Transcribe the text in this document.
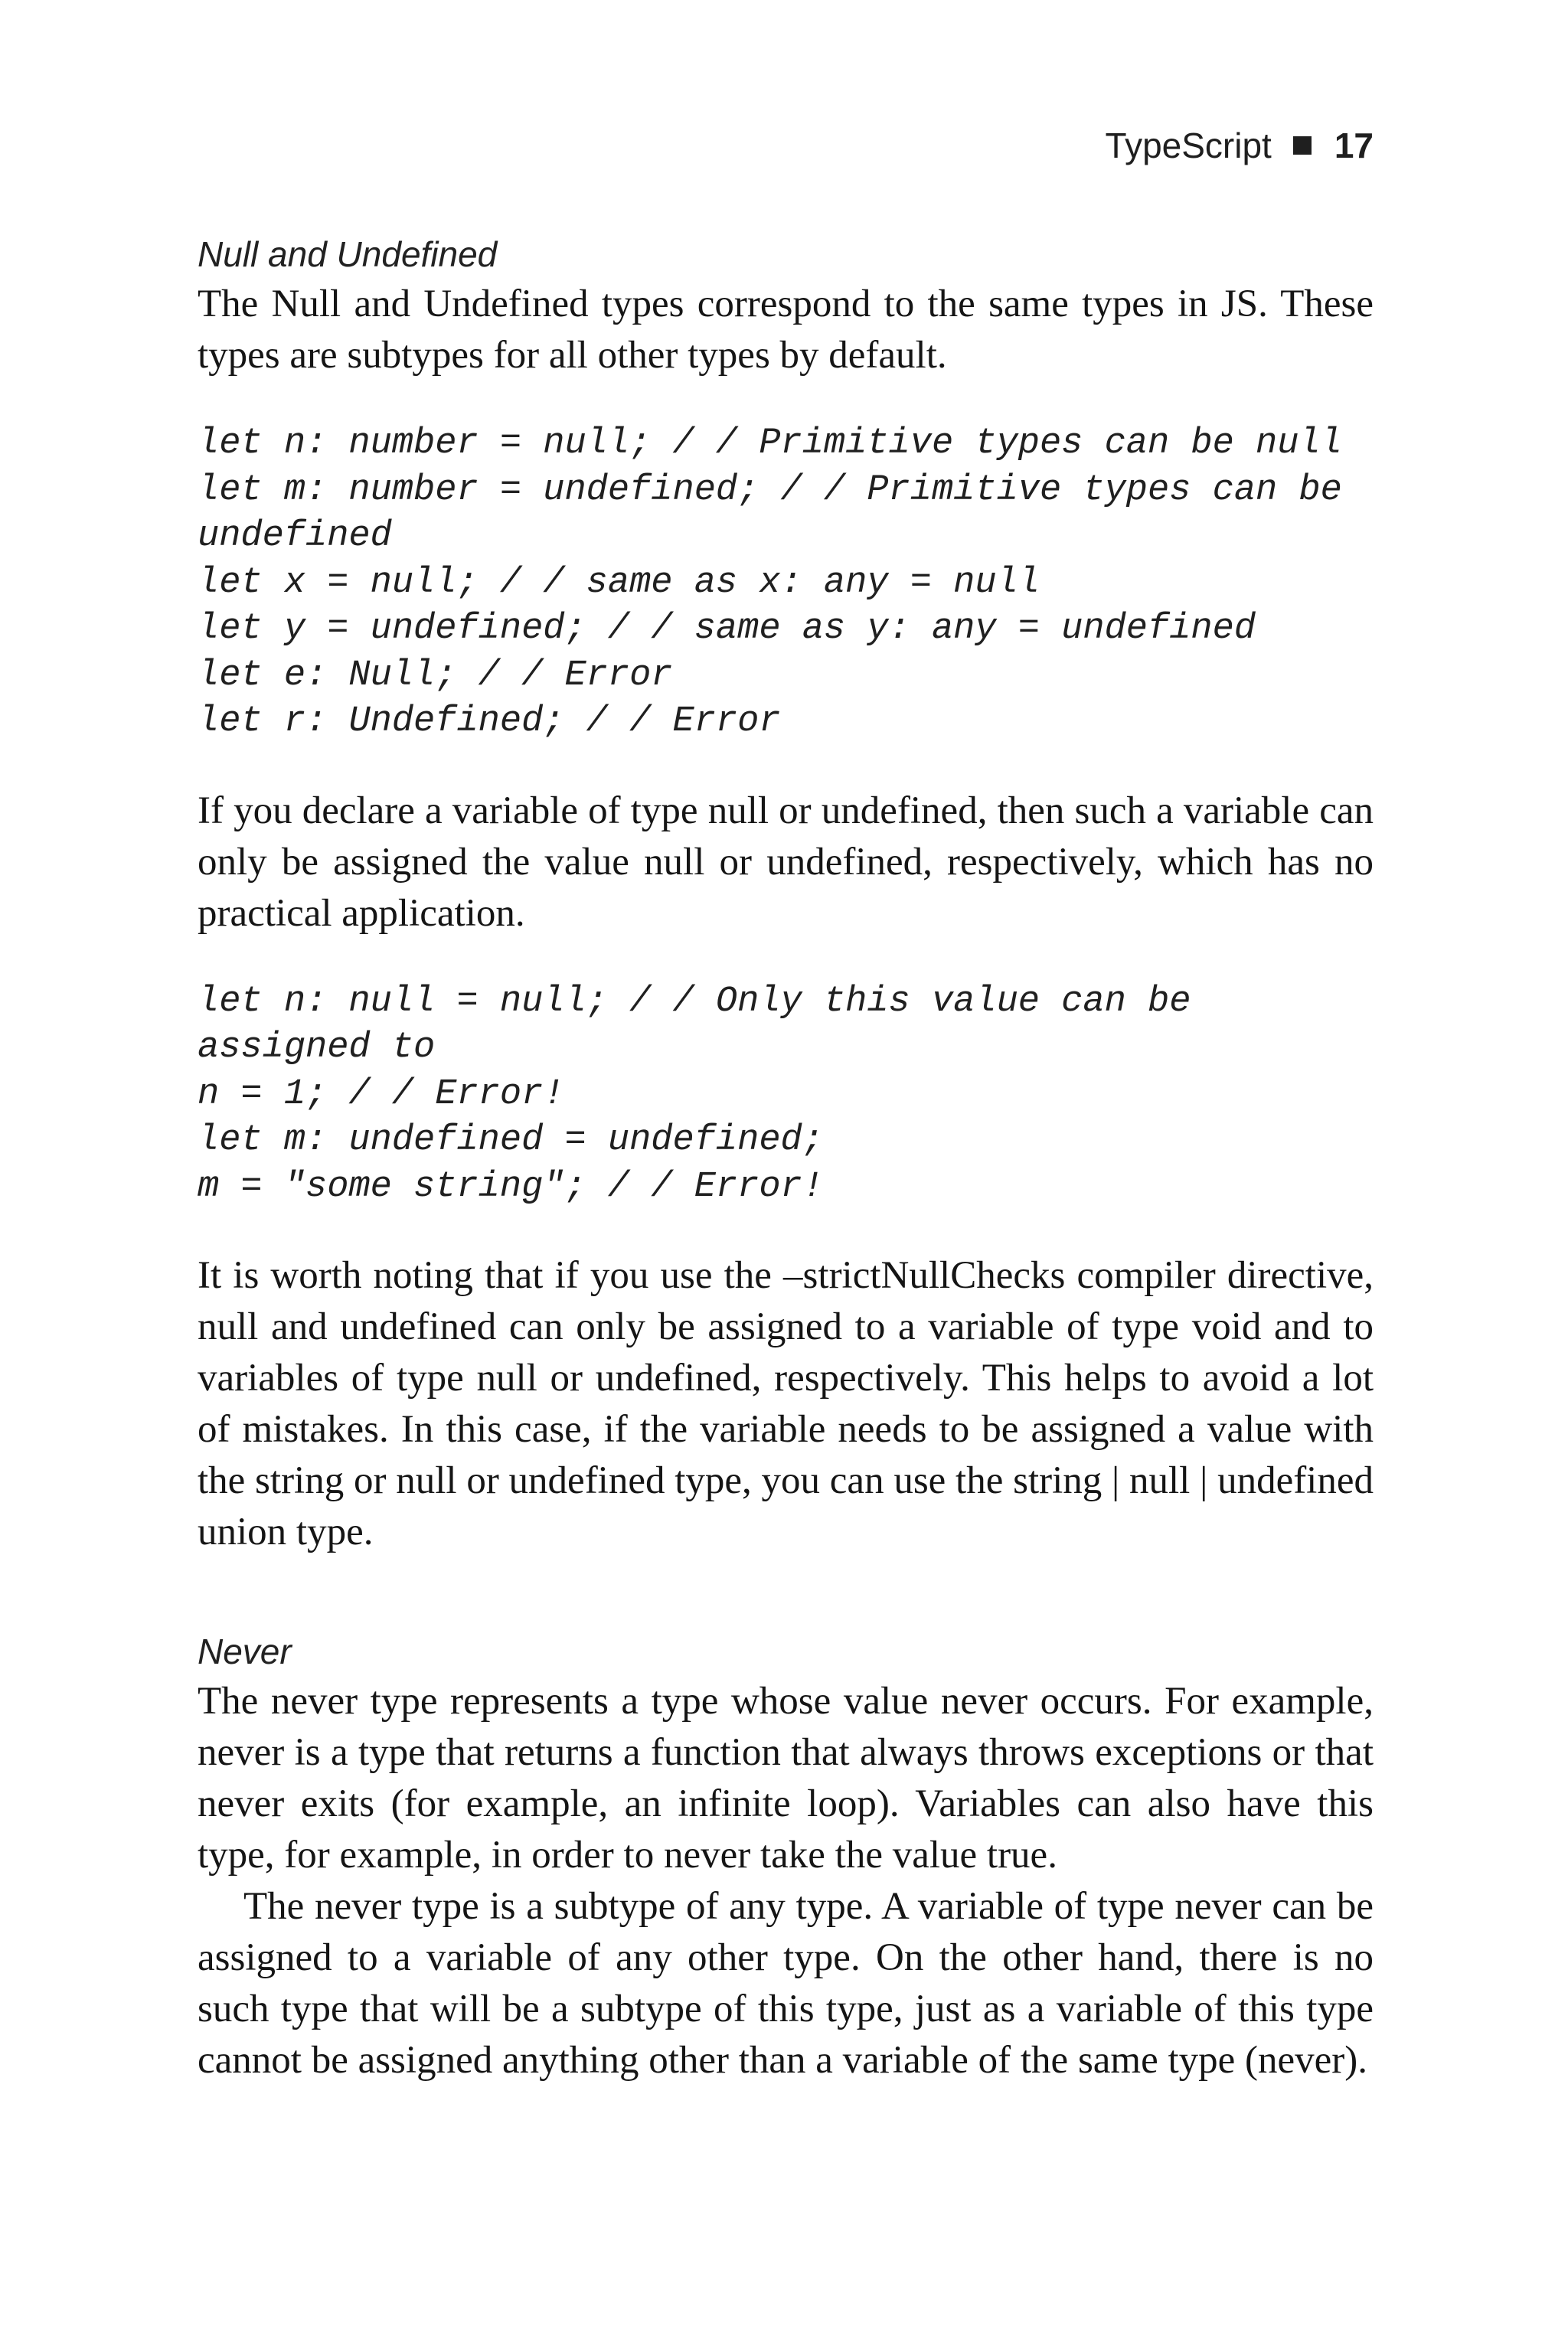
TypeScript 17
Null and Undefined

The Null and Undefined types correspond to the same types in JS. These types are subtypes for all other types by default.

let n: number = null; / / Primitive types can be null
let m: number = undefined; / / Primitive types can be
undefined
let x = null; / / same as x: any = null
let y = undefined; / / same as y: any = undefined
let e: Null; / / Error
let r: Undefined; / / Error

If you declare a variable of type null or undefined, then such a variable can only be assigned the value null or undefined, respectively, which has no practical application.

let n: null = null; / / Only this value can be
assigned to
n = 1; / / Error!
let m: undefined = undefined;
m = "some string"; / / Error!

It is worth noting that if you use the –strictNullChecks compiler directive, null and undefined can only be assigned to a variable of type void and to variables of type null or undefined, respectively. This helps to avoid a lot of mistakes. In this case, if the variable needs to be assigned a value with the string or null or undefined type, you can use the string | null | undefined union type.

Never

The never type represents a type whose value never occurs. For example, never is a type that returns a function that always throws exceptions or that never exits (for example, an infinite loop). Variables can also have this type, for example, in order to never take the value true.

The never type is a subtype of any type. A variable of type never can be assigned to a variable of any other type. On the other hand, there is no such type that will be a subtype of this type, just as a variable of this type cannot be assigned anything other than a variable of the same type (never).
